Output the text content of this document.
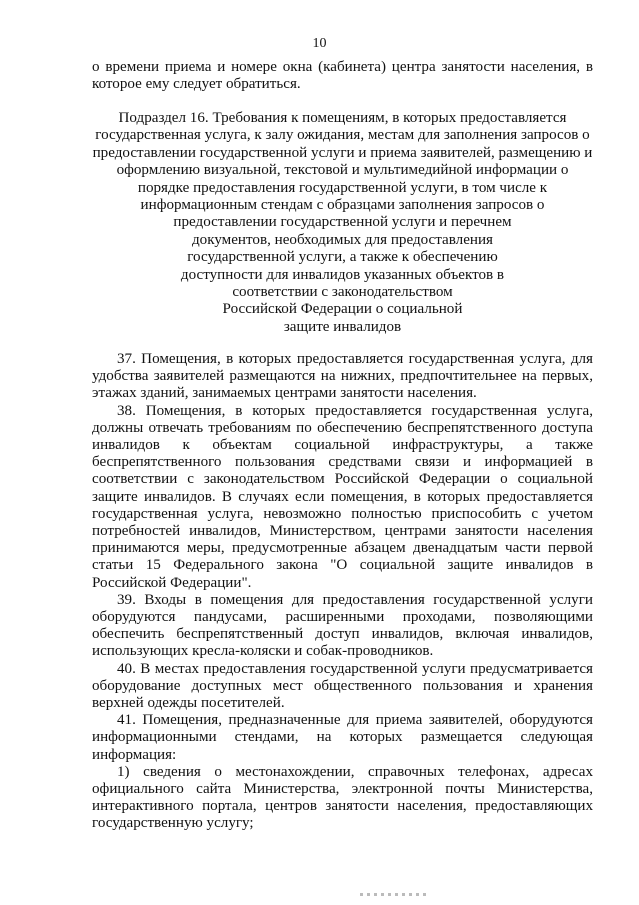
10

о времени приема и номере окна (кабинета) центра занятости населения, в которое ему следует обратиться.

Подраздел 16. Требования к помещениям, в которых предоставляется
государственная услуга, к залу ожидания, местам для заполнения запросов о
предоставлении государственной услуги и приема заявителей, размещению и
оформлению визуальной, текстовой и мультимедийной информации о
порядке предоставления государственной услуги, в том числе к
информационным стендам с образцами заполнения запросов о
предоставлении государственной услуги и перечнем
документов, необходимых для предоставления
государственной услуги, а также к обеспечению
доступности для инвалидов указанных объектов в
соответствии с законодательством
Российской Федерации о социальной
защите инвалидов

37. Помещения, в которых предоставляется государственная услуга, для удобства заявителей размещаются на нижних, предпочтительнее на первых, этажах зданий, занимаемых центрами занятости населения.

38. Помещения, в которых предоставляется государственная услуга, должны отвечать требованиям по обеспечению беспрепятственного доступа инвалидов к объектам социальной инфраструктуры, а также беспрепятственного пользования средствами связи и информацией в соответствии с законодательством Российской Федерации о социальной защите инвалидов. В случаях если помещения, в которых предоставляется государственная услуга, невозможно полностью приспособить с учетом потребностей инвалидов, Министерством, центрами занятости населения принимаются меры, предусмотренные абзацем двенадцатым части первой статьи 15 Федерального закона "О социальной защите инвалидов в Российской Федерации".

39. Входы в помещения для предоставления государственной услуги оборудуются пандусами, расширенными проходами, позволяющими обеспечить беспрепятственный доступ инвалидов, включая инвалидов, использующих кресла-коляски и собак-проводников.

40. В местах предоставления государственной услуги предусматривается оборудование доступных мест общественного пользования и хранения верхней одежды посетителей.

41. Помещения, предназначенные для приема заявителей, оборудуются информационными стендами, на которых размещается следующая информация:

1) сведения о местонахождении, справочных телефонах, адресах официального сайта Министерства, электронной почты Министерства, интерактивного портала, центров занятости населения, предоставляющих государственную услугу;
